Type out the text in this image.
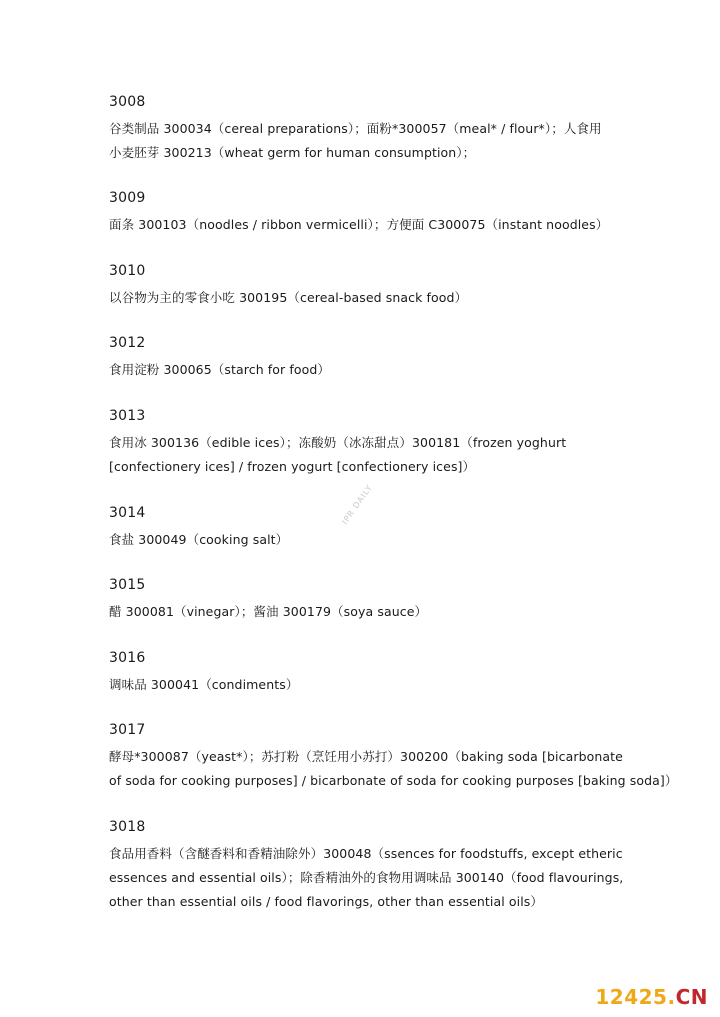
3008

谷类制品 300034（cereal preparations）；面粉*300057（meal* / flour*）；人食用

小麦胚芽 300213（wheat germ for human consumption）；

3009

面条 300103（noodles / ribbon vermicelli）；方便面 C300075（instant noodles）

3010

以谷物为主的零食小吃 300195（cereal-based snack food）

3012

食用淀粉 300065（starch for food）

3013

食用冰 300136（edible ices）；冻酸奶（冰冻甜点）300181（frozen yoghurt

[confectionery ices] / frozen yogurt [confectionery ices]）

3014

食盐 300049（cooking salt）

3015

醋 300081（vinegar）；酱油 300179（soya sauce）

3016

调味品 300041（condiments）

3017

酵母*300087（yeast*）；苏打粉（烹饪用小苏打）300200（baking soda [bicarbonate

of soda for cooking purposes] / bicarbonate of soda for cooking purposes [baking soda]）

3018

食品用香料（含醚香料和香精油除外）300048（ssences for foodstuffs, except etheric

essences and essential oils）；除香精油外的食物用调味品 300140（food flavourings,

other than essential oils / food flavorings, other than essential oils）

IPR DAILY
12425.CN
